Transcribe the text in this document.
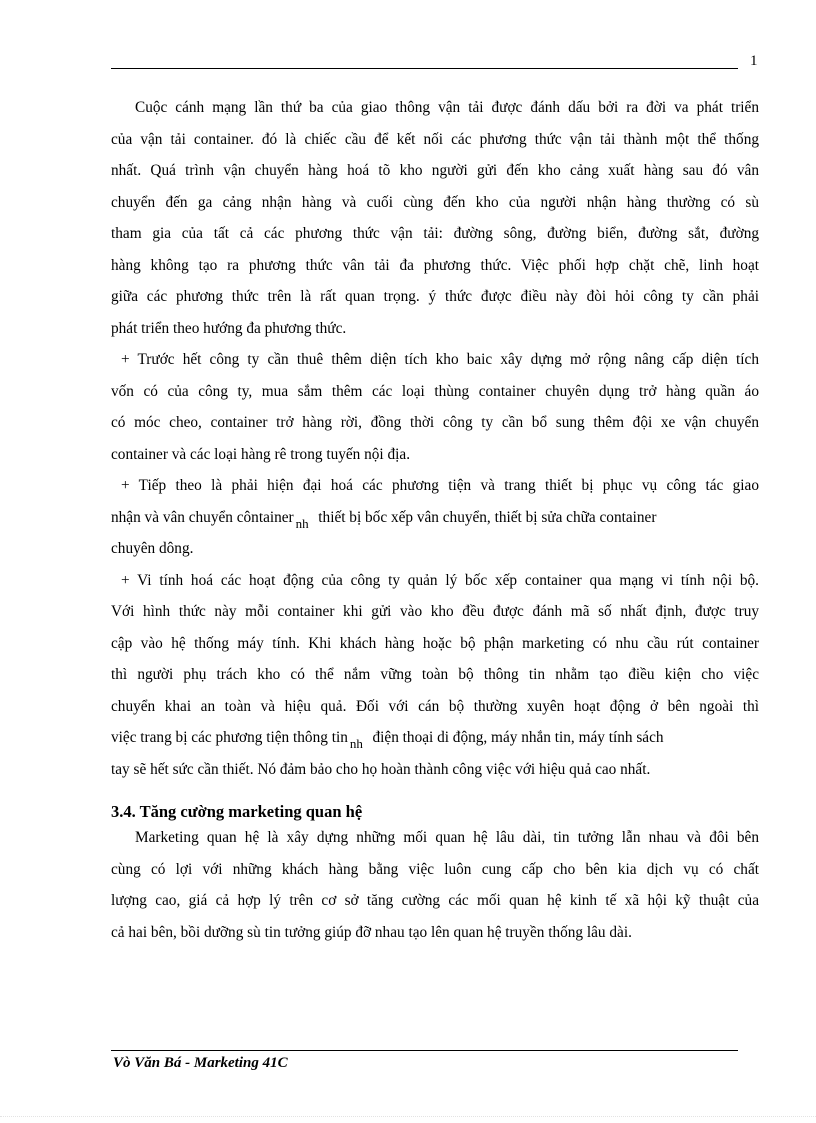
1
Cuộc cánh mạng lần thứ ba của giao thông vận tải được đánh dấu bởi ra đời va phát triển
của vận tải container. đó là chiếc cầu để kết nối các phương thức vận tải thành một thể thống
nhất. Quá trình vận chuyển hàng hoá tõ kho người gửi đến kho cảng xuất hàng sau đó vân
chuyển đến ga cảng nhận hàng và cuối cùng đến kho của người nhận hàng thường có sù
tham gia của tất cả các phương thức vận tải: đường sông, đường biển, đường sắt, đường
hàng không tạo ra phương thức vân tải đa phương thức. Việc phối hợp chặt chẽ, linh hoạt
giữa các phương thức trên là rất quan trọng. ý thức được điều này đòi hỏi công ty cần phải
phát triển theo hướng đa phương thức.
+ Trước hết công ty cần thuê thêm diện tích kho baic xây dựng mở rộng nâng cấp diện tích
vốn có của công ty, mua sắm thêm các loại thùng container chuyên dụng trở hàng quần áo
có móc cheo, container trở hàng rời, đồng thời công ty cần bổ sung thêm đội xe vận chuyển
container và các loại hàng rê trong tuyến nội địa.
+ Tiếp theo là phải hiện đại hoá các phương tiện và trang thiết bị phục vụ công tác giao
nhận và vân chuyển côntainer $_{nh}$ thiết bị bốc xếp vân chuyển, thiết bị sửa chữa container
chuyên dông.
+ Vi tính hoá các hoạt động của công ty quản lý bốc xếp container qua mạng vi tính nội bộ.
Với hình thức này mỗi container khi gửi vào kho đều được đánh mã số nhất định, được truy
cập vào hệ thống máy tính. Khi khách hàng hoặc bộ phận marketing có nhu cầu rút container
thì người phụ trách kho có thể nắm vững toàn bộ thông tin nhằm tạo điều kiện cho việc
chuyển khai an toàn và hiệu quả. Đối với cán bộ thường xuyên hoạt động ở bên ngoài thì
việc trang bị các phương tiện thông tin $_{nh}$ điện thoại di động, máy nhắn tin, máy tính sách
tay sẽ hết sức cần thiết. Nó đảm bảo cho họ hoàn thành công việc với hiệu quả cao nhất.
3.4. Tăng cường marketing quan hệ
Marketing quan hệ là xây dựng những mối quan hệ lâu dài, tin tưởng lẫn nhau và đôi bên
cùng có lợi với những khách hàng bằng việc luôn cung cấp cho bên kia dịch vụ có chất
lượng cao, giá cả hợp lý trên cơ sở tăng cường các mối quan hệ kinh tế xã hội kỹ thuật của
cả hai bên, bồi dưỡng sù tin tưởng giúp đỡ nhau tạo lên quan hệ truyền thống lâu dài.
Vò Văn Bá - Marketing 41C
